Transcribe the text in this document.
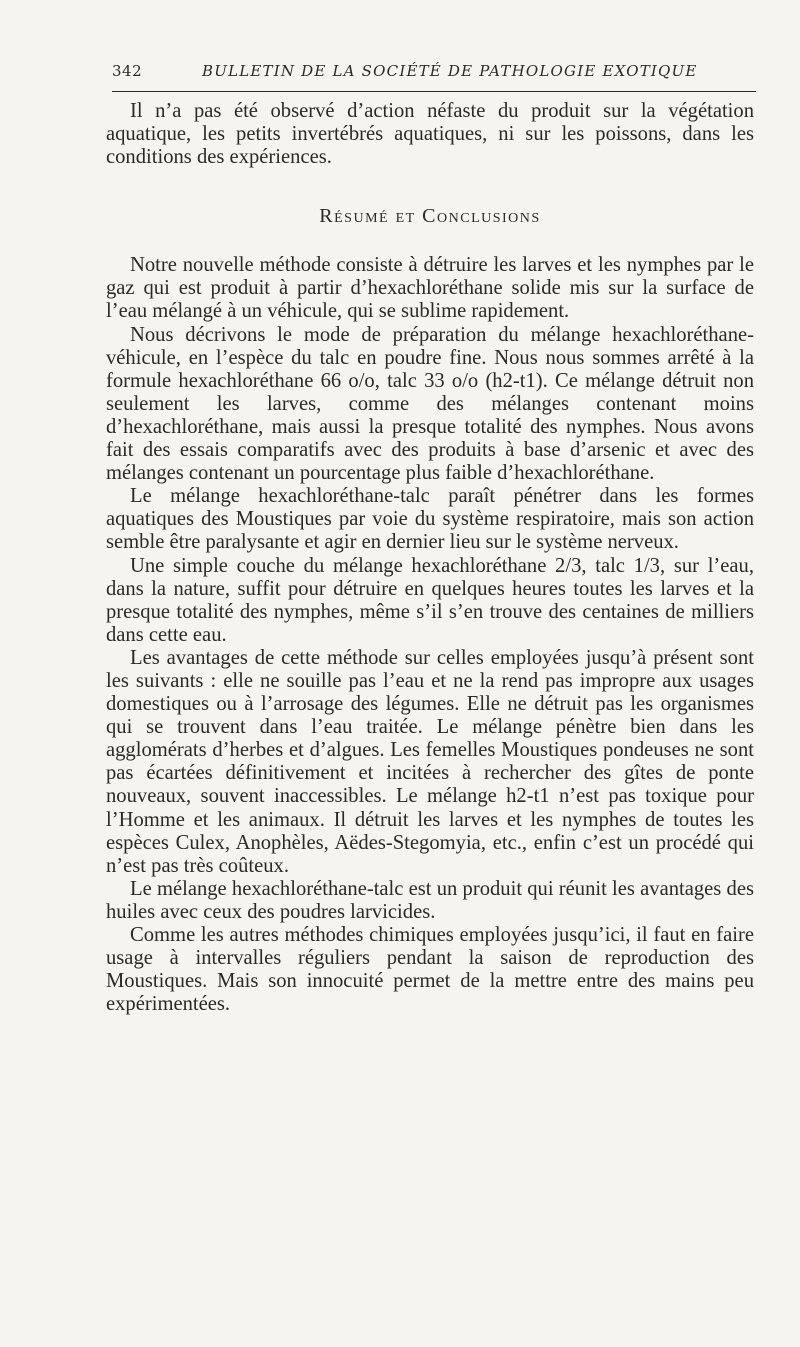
342	BULLETIN DE LA SOCIÉTÉ DE PATHOLOGIE EXOTIQUE

Il n’a pas été observé d’action néfaste du produit sur la végétation aquatique, les petits invertébrés aquatiques, ni sur les poissons, dans les conditions des expériences.

Résumé et Conclusions

Notre nouvelle méthode consiste à détruire les larves et les nymphes par le gaz qui est produit à partir d’hexachloréthane solide mis sur la surface de l’eau mélangé à un véhicule, qui se sublime rapidement.

Nous décrivons le mode de préparation du mélange hexachloréthane-véhicule, en l’espèce du talc en poudre fine. Nous nous sommes arrêté à la formule hexachloréthane 66 o/o, talc 33 o/o (h2-t1). Ce mélange détruit non seulement les larves, comme des mélanges contenant moins d’hexachloréthane, mais aussi la presque totalité des nymphes. Nous avons fait des essais comparatifs avec des produits à base d’arsenic et avec des mélanges contenant un pourcentage plus faible d’hexachloréthane.

Le mélange hexachloréthane-talc paraît pénétrer dans les formes aquatiques des Moustiques par voie du système respiratoire, mais son action semble être paralysante et agir en dernier lieu sur le système nerveux.

Une simple couche du mélange hexachloréthane 2/3, talc 1/3, sur l’eau, dans la nature, suffit pour détruire en quelques heures toutes les larves et la presque totalité des nymphes, même s’il s’en trouve des centaines de milliers dans cette eau.

Les avantages de cette méthode sur celles employées jusqu’à présent sont les suivants : elle ne souille pas l’eau et ne la rend pas impropre aux usages domestiques ou à l’arrosage des légumes. Elle ne détruit pas les organismes qui se trouvent dans l’eau traitée. Le mélange pénètre bien dans les agglomérats d’herbes et d’algues. Les femelles Moustiques pondeuses ne sont pas écartées définitivement et incitées à rechercher des gîtes de ponte nouveaux, souvent inaccessibles. Le mélange h2-t1 n’est pas toxique pour l’Homme et les animaux. Il détruit les larves et les nymphes de toutes les espèces Culex, Anophèles, Aëdes-Stegomyia, etc., enfin c’est un procédé qui n’est pas très coûteux.

Le mélange hexachloréthane-talc est un produit qui réunit les avantages des huiles avec ceux des poudres larvicides.

Comme les autres méthodes chimiques employées jusqu’ici, il faut en faire usage à intervalles réguliers pendant la saison de reproduction des Moustiques. Mais son innocuité permet de la mettre entre des mains peu expérimentées.
